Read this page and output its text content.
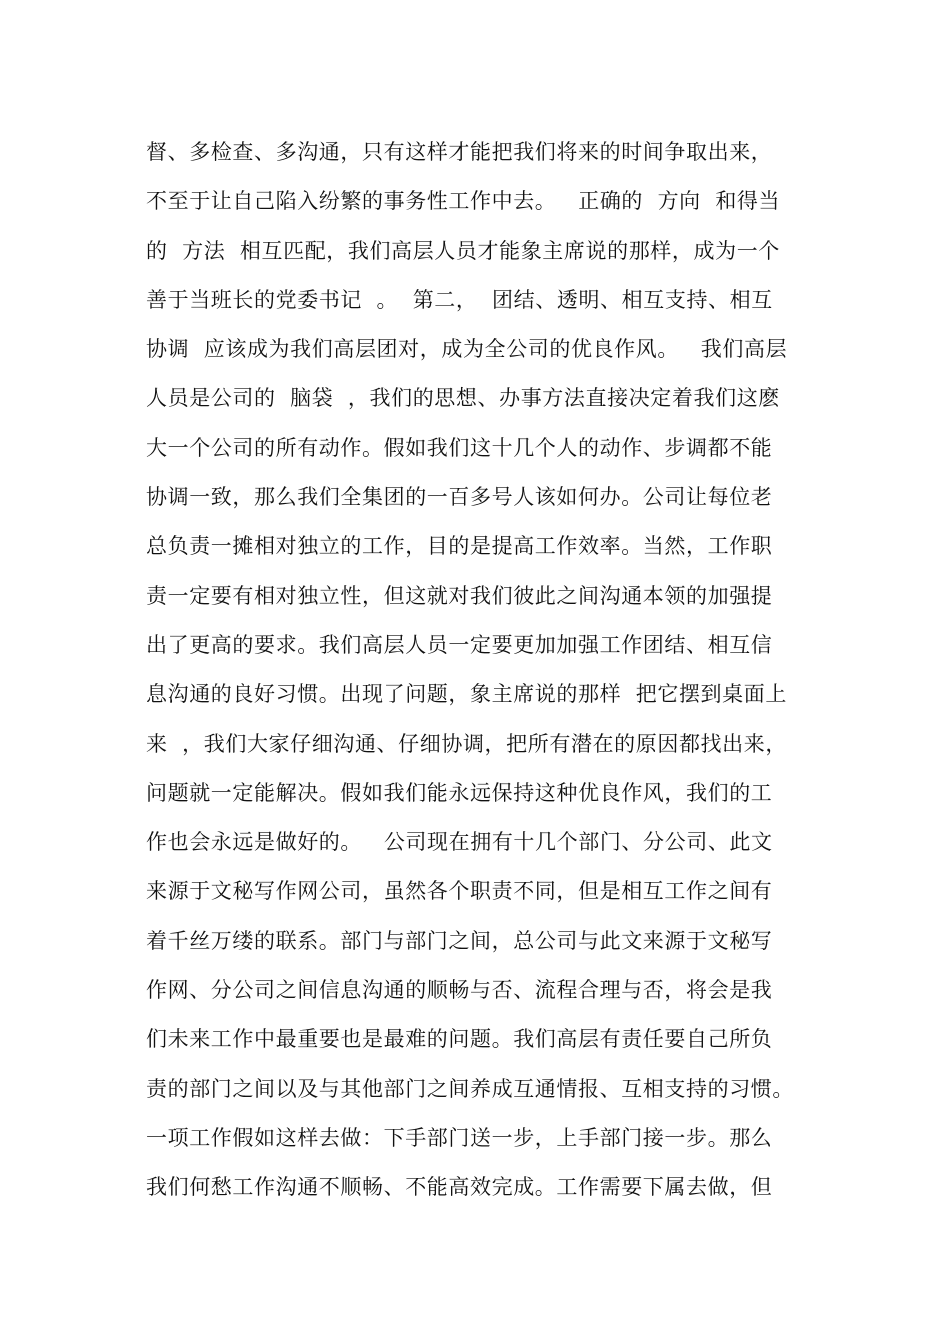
督、多检查、多沟通，只有这样才能把我们将来的时间争取出来，
不至于让自己陷入纷繁的事务性工作中去。   正确的  方向  和得当
的  方法  相互匹配，我们高层人员才能象主席说的那样，成为一个
善于当班长的党委书记  。  第二，  团结、透明、相互支持、相互
协调  应该成为我们高层团对，成为全公司的优良作风。   我们高层
人员是公司的  脑袋  ，我们的思想、办事方法直接决定着我们这麽
大一个公司的所有动作。假如我们这十几个人的动作、步调都不能
协调一致，那么我们全集团的一百多号人该如何办。公司让每位老
总负责一摊相对独立的工作，目的是提高工作效率。当然，工作职
责一定要有相对独立性，但这就对我们彼此之间沟通本领的加强提
出了更高的要求。我们高层人员一定要更加加强工作团结、相互信
息沟通的良好习惯。出现了问题，象主席说的那样  把它摆到桌面上
来  ，我们大家仔细沟通、仔细协调，把所有潜在的原因都找出来，
问题就一定能解决。假如我们能永远保持这种优良作风，我们的工
作也会永远是做好的。   公司现在拥有十几个部门、分公司、此文
来源于文秘写作网公司，虽然各个职责不同，但是相互工作之间有
着千丝万缕的联系。部门与部门之间，总公司与此文来源于文秘写
作网、分公司之间信息沟通的顺畅与否、流程合理与否，将会是我
们未来工作中最重要也是最难的问题。我们高层有责任要自己所负
责的部门之间以及与其他部门之间养成互通情报、互相支持的习惯。
一项工作假如这样去做：下手部门送一步，上手部门接一步。那么
我们何愁工作沟通不顺畅、不能高效完成。工作需要下属去做，但
